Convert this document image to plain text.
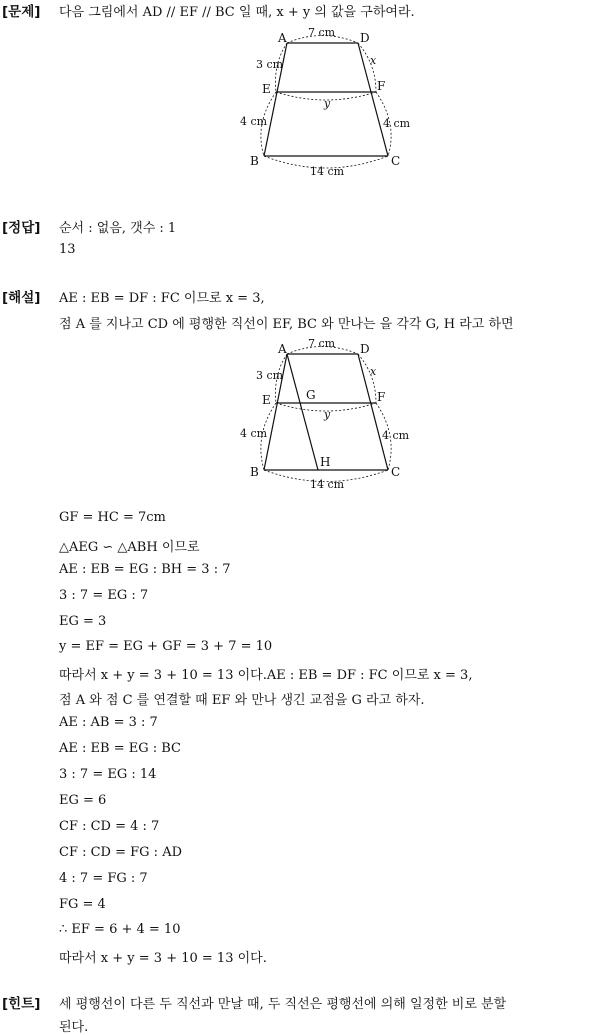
[문제] 다음 그림에서 AD // EF // BC 일 때, x + y 의 값을 구하여라.
A	D
E	F
B	C
7 cm
3 cm
4 cm	4 cm
x
y
14 cm
[정답] 순서 : 없음, 갯수 : 1
13
[해설] AE : EB = DF : FC 이므로 x = 3,
점 A 를 지나고 CD 에 평행한 직선이 EF, BC 와 만나는 을 각각 G, H 라고 하면
A	D
E	G	F
B
H
C
7 cm
3 cm
4 cm	4 cm
x
y
14 cm
GF = HC = 7cm
△AEG ∽ △ABH 이므로
AE : EB = EG : BH = 3 : 7
3 : 7 = EG : 7
EG = 3
y = EF = EG + GF = 3 + 7 = 10
따라서 x + y = 3 + 10 = 13 이다.AE : EB = DF : FC 이므로 x = 3,
점 A 와 점 C 를 연결할 때 EF 와 만나 생긴 교점을 G 라고 하자.
AE : AB = 3 : 7
AE : EB = EG : BC
3 : 7 = EG : 14
EG = 6
CF : CD = 4 : 7
CF : CD = FG : AD
4 : 7 = FG : 7
FG = 4
∴ EF = 6 + 4 = 10
따라서 x + y = 3 + 10 = 13 이다.
[힌트] 세 평행선이 다른 두 직선과 만날 때, 두 직선은 평행선에 의해 일정한 비로 분할
된다.
